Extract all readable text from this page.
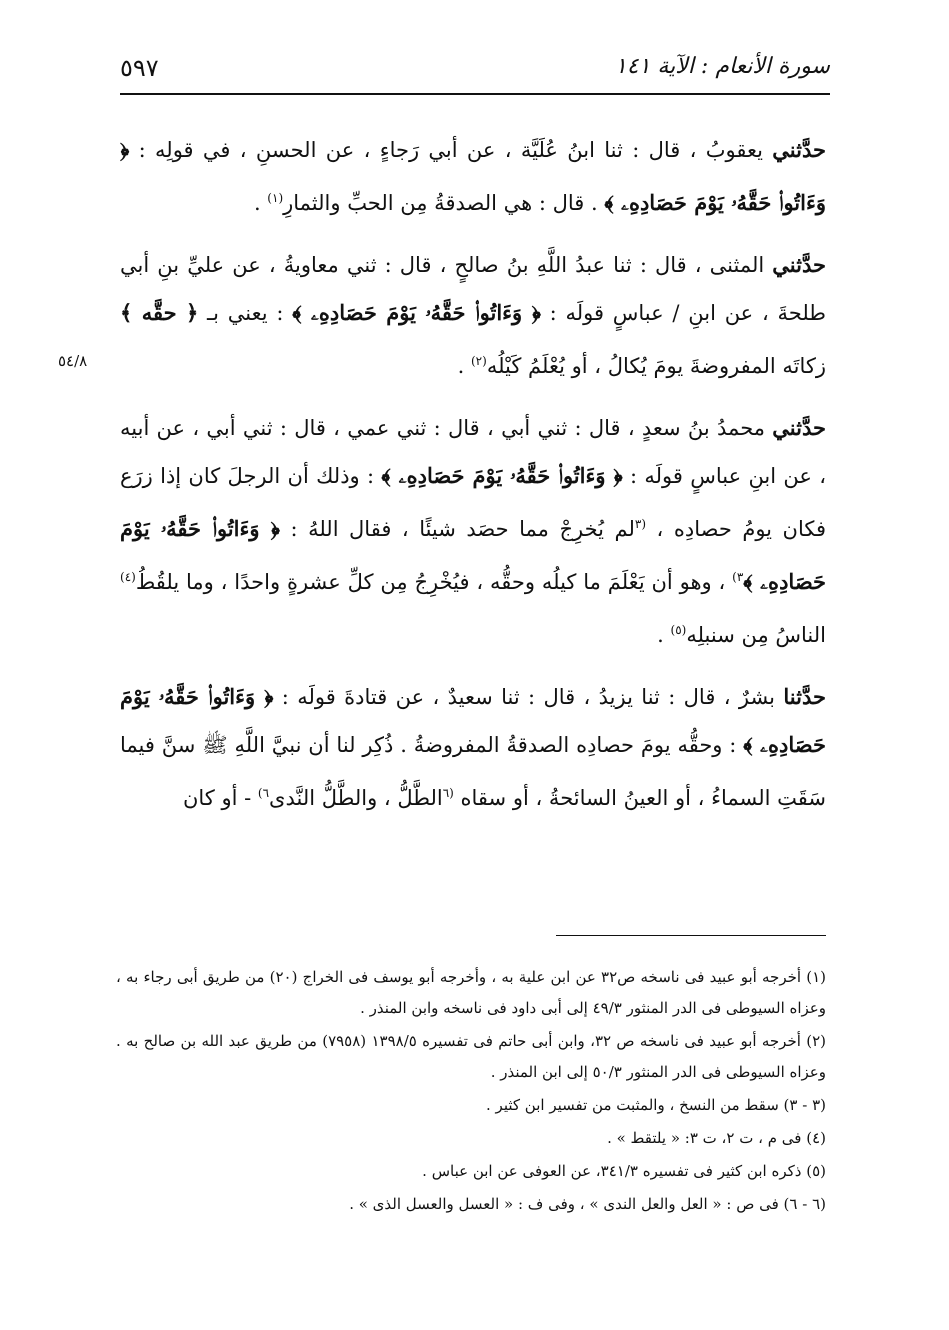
٥٩٧	سورة الأنعام : الآية ١٤١
٥٤/٨

حدَّثني يعقوبُ ، قال : ثنا ابنُ عُلَيَّة ، عن أبي رَجاءٍ ، عن الحسنِ ، في قولِه : ﴿ وَءَاتُوا۟ حَقَّهُۥ يَوْمَ حَصَادِهِۦ ﴾ . قال : هي الصدقةُ مِن الحبِّ والثمارِ$^{(١)}$ .

حدَّثني المثنى ، قال : ثنا عبدُ اللَّهِ بنُ صالحٍ ، قال : ثني معاويةُ ، عن عليِّ بنِ أبي طلحةَ ، عن ابنِ / عباسٍ قولَه : ﴿ وَءَاتُوا۟ حَقَّهُۥ يَوْمَ حَصَادِهِۦ ﴾ : يعني بـ ﴿ حقَّه ﴾ زكاتَه المفروضةَ يومَ يُكالُ ، أو يُعْلَمُ كَيْلُه$^{(٢)}$ .

حدَّثني محمدُ بنُ سعدٍ ، قال : ثني أبي ، قال : ثني عمي ، قال : ثني أبي ، عن أبيه ، عن ابنِ عباسٍ قولَه : ﴿ وَءَاتُوا۟ حَقَّهُۥ يَوْمَ حَصَادِهِۦ ﴾ : وذلك أن الرجلَ كان إذا زرَع فكان يومُ حصادِه ، $^{(٣}$لم يُخرِجْ مما حصَد شيئًا ، فقال اللهُ : ﴿ وَءَاتُوا۟ حَقَّهُۥ يَوْمَ حَصَادِهِۦ ﴾$^{٣)}$ ، وهو أن يَعْلَمَ ما كيلُه وحقُّه ، فيُخْرِجُ مِن كلِّ عشرةٍ واحدًا ، وما يلقُطُ$^{(٤)}$ الناسُ مِن سنبلِه$^{(٥)}$ .

حدَّثنا بشرٌ ، قال : ثنا يزيدُ ، قال : ثنا سعيدٌ ، عن قتادةَ قولَه : ﴿ وَءَاتُوا۟ حَقَّهُۥ يَوْمَ حَصَادِهِۦ ﴾ : وحقُّه يومَ حصادِه الصدقةُ المفروضةُ . ذُكِر لنا أن نبيَّ اللَّهِ ﷺ سنَّ فيما سَقَتِ السماءُ ، أو العينُ السائحةُ ، أو سقاه $^{(٦}$الطَّلُّ ، والطَّلُّ النَّدى$^{٦)}$ - أو كان

(١) أخرجه أبو عبيد فى ناسخه ص٣٢ عن ابن علية به ، وأخرجه أبو يوسف فى الخراج (٢٠) من طريق أبى رجاء به ، وعزاه السيوطى فى الدر المنثور ٤٩/٣ إلى أبى داود فى ناسخه وابن المنذر .

(٢) أخرجه أبو عبيد فى ناسخه ص ٣٢، وابن أبى حاتم فى تفسيره ١٣٩٨/٥ (٧٩٥٨) من طريق عبد الله بن صالح به . وعزاه السيوطى فى الدر المنثور ٥٠/٣ إلى ابن المنذر .

(٣ - ٣) سقط من النسخ ، والمثبت من تفسير ابن كثير .

(٤) فى م ، ت ٢، ت ٣: « يلتقط » .

(٥) ذكره ابن كثير فى تفسيره ٣٤١/٣، عن العوفى عن ابن عباس .

(٦ - ٦) فى ص : « العل والعل الندى » ، وفى ف : « العسل والعسل الذى » .
